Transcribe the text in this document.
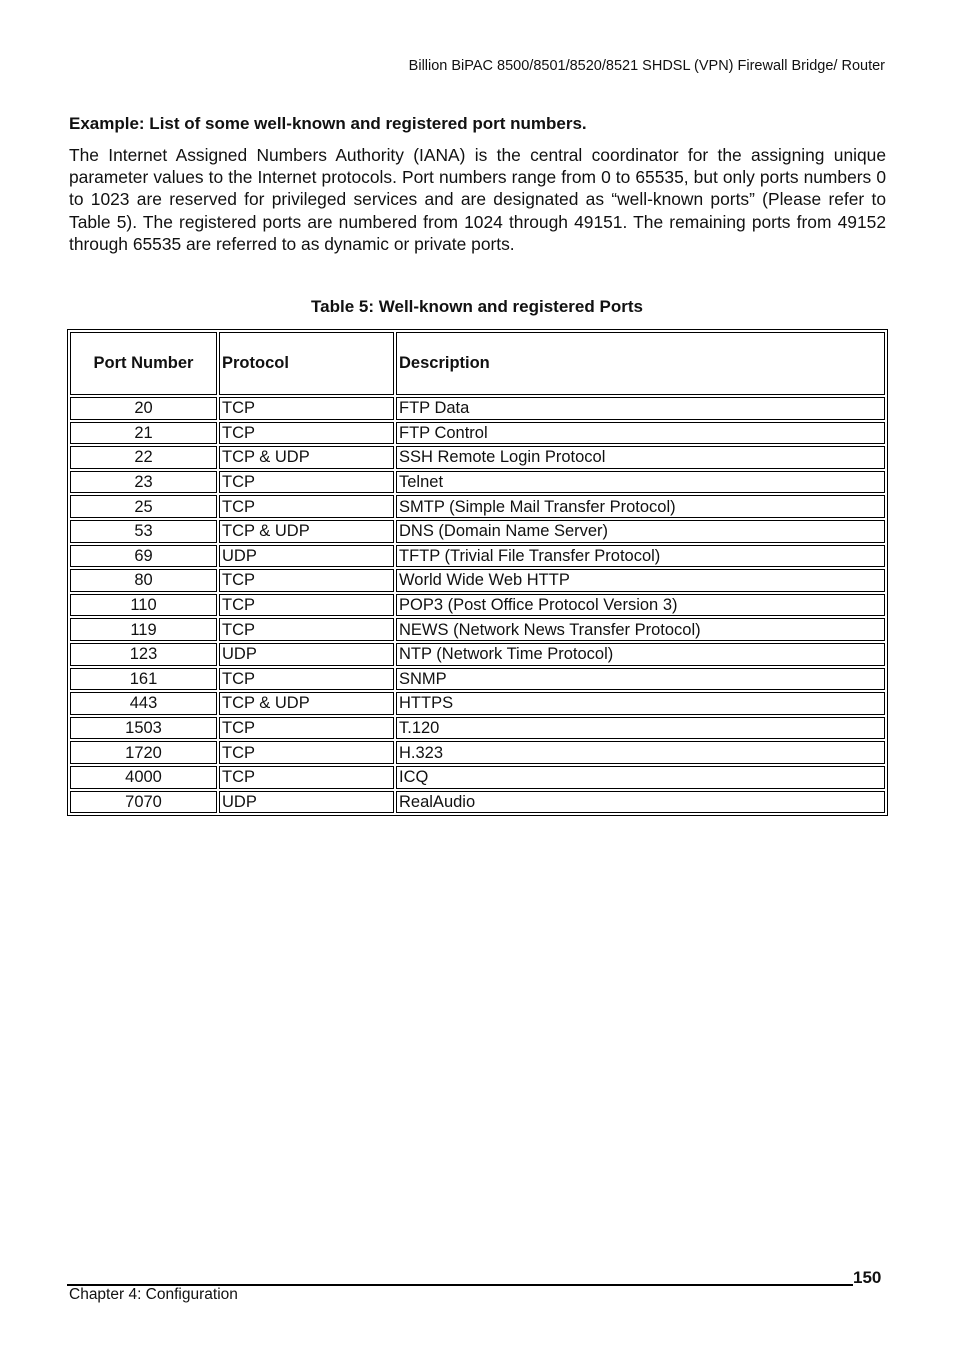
Billion BiPAC 8500/8501/8520/8521 SHDSL (VPN) Firewall Bridge/ Router
Example: List of some well-known and registered port numbers.

The Internet Assigned Numbers Authority (IANA) is the central coordinator for the assigning unique parameter values to the Internet protocols. Port numbers range from 0 to 65535, but only ports numbers 0 to 1023 are reserved for privileged services and are designated as “well-known ports” (Please refer to Table 5). The registered ports are numbered from 1024 through 49151. The remaining ports from 49152 through 65535 are referred to as dynamic or private ports.

Table 5: Well-known and registered Ports
Port Number	Protocol	Description
20	TCP	FTP Data
21	TCP	FTP Control
22	TCP & UDP	SSH Remote Login Protocol
23	TCP	Telnet
25	TCP	SMTP (Simple Mail Transfer Protocol)
53	TCP & UDP	DNS (Domain Name Server)
69	UDP	TFTP (Trivial File Transfer Protocol)
80	TCP	World Wide Web HTTP
110	TCP	POP3 (Post Office Protocol Version 3)
119	TCP	NEWS (Network News Transfer Protocol)
123	UDP	NTP (Network Time Protocol)
161	TCP	SNMP
443	TCP & UDP	HTTPS
1503	TCP	T.120
1720	TCP	H.323
4000	TCP	ICQ
7070	UDP	RealAudio
150
Chapter 4: Configuration
